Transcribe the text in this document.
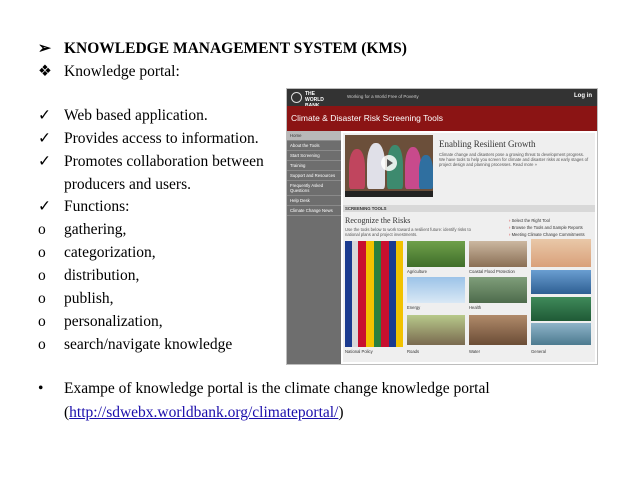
➢ KNOWLEDGE MANAGEMENT SYSTEM (KMS)
❖ Knowledge portal:
✓ Web based application.
✓ Provides access to information.
✓ Promotes collaboration between
producers and users.
✓ Functions:
o gathering,
o categorization,
o distribution,
o publish,
o personalization,
o search/navigate knowledge
• Exampe of knowledge portal is the climate change knowledge portal
(http://sdwebx.worldbank.org/climateportal/)
THE WORLD
Working for a World Free of Poverty	Log in
Climate & Disaster Risk Screening Tools
Home
About the Tools
Start Screening
Training
Support and Resources
Frequently Asked Questions
Help Desk
Climate Change News
Enabling Resilient Growth
Climate change and disasters pose a growing threat to development progress. We have tools to help you screen for climate and disaster risks at early stages of project design and planning processes. Read more »
SCREENING TOOLS
Recognize the Risks
Use the tools below to work toward a resilient future: identify risks to national plans and project investments.
› Select the Right Tool
› Browse the Tools and Sample Reports
› Meeting Climate Change Commitments
National Policy
Agriculture	Coastal Flood Protection
Energy	Health
Roads	Water	General
